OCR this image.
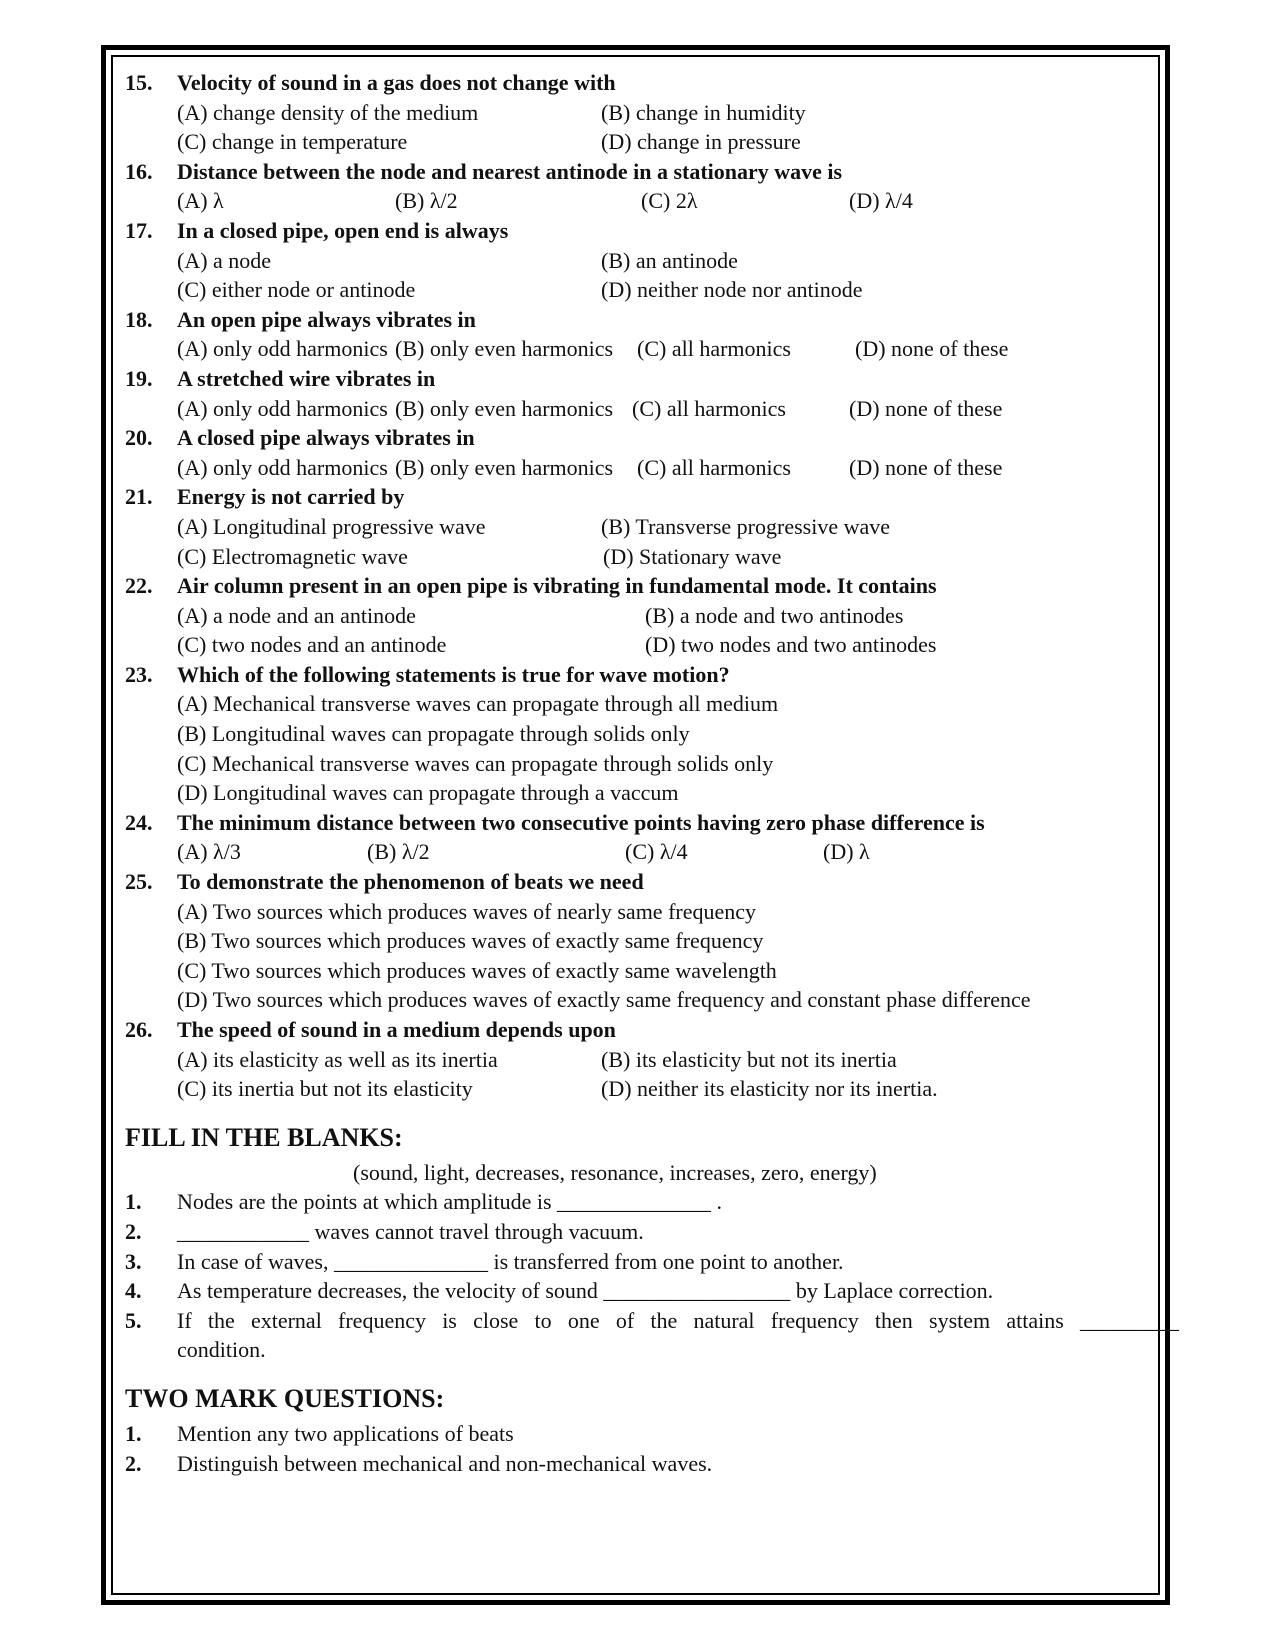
15. Velocity of sound in a gas does not change with
(A) change density of the medium	(B) change in humidity
(C) change in temperature	(D) change in pressure
16. Distance between the node and nearest antinode in a stationary wave is
(A) λ	(B) λ/2	(C) 2λ	(D) λ/4
17. In a closed pipe, open end is always
(A) a node	(B) an antinode
(C) either node or antinode	(D) neither node nor antinode
18. An open pipe always vibrates in
(A) only odd harmonics (B) only even harmonics (C) all harmonics	(D) none of these
19. A stretched wire vibrates in
(A) only odd harmonics (B) only even harmonics (C) all harmonics	(D) none of these
20. A closed pipe always vibrates in
(A) only odd harmonics (B) only even harmonics (C) all harmonics	(D) none of these
21. Energy is not carried by
(A) Longitudinal progressive wave	(B) Transverse progressive wave
(C) Electromagnetic wave	(D) Stationary wave
22. Air column present in an open pipe is vibrating in fundamental mode. It contains
(A) a node and an antinode	(B) a node and two antinodes
(C) two nodes and an antinode	(D) two nodes and two antinodes
23. Which of the following statements is true for wave motion?
(A) Mechanical transverse waves can propagate through all medium
(B) Longitudinal waves can propagate through solids only
(C) Mechanical transverse waves can propagate through solids only
(D) Longitudinal waves can propagate through a vaccum
24. The minimum distance between two consecutive points having zero phase difference is
(A) λ/3	(B) λ/2	(C) λ/4	(D) λ
25. To demonstrate the phenomenon of beats we need
(A) Two sources which produces waves of nearly same frequency
(B) Two sources which produces waves of exactly same frequency
(C) Two sources which produces waves of exactly same wavelength
(D) Two sources which produces waves of exactly same frequency and constant phase difference
26. The speed of sound in a medium depends upon
(A) its elasticity as well as its inertia	(B) its elasticity but not its inertia
(C) its inertia but not its elasticity	(D) neither its elasticity nor its inertia.
FILL IN THE BLANKS:
(sound, light, decreases, resonance, increases, zero, energy)
1. Nodes are the points at which amplitude is ______________ .
2. ____________ waves cannot travel through vacuum.
3. In case of waves, ______________ is transferred from one point to another.
4. As temperature decreases, the velocity of sound _________________ by Laplace correction.
5. If the external frequency is close to one of the natural frequency then system attains _________
condition.
TWO MARK QUESTIONS:
1. Mention any two applications of beats
2. Distinguish between mechanical and non-mechanical waves.
